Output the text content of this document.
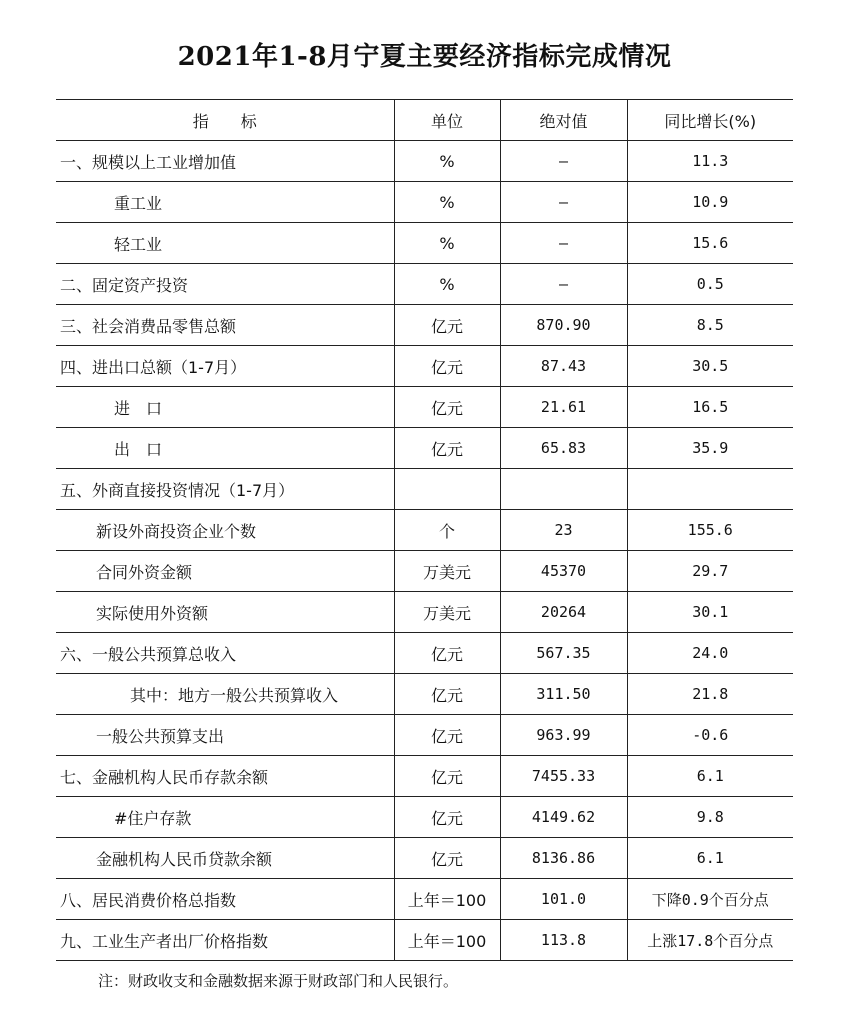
2021年1-8月宁夏主要经济指标完成情况
指　　标	单位	绝对值	同比增长(%)
一、规模以上工业增加值	%	—	11.3
重工业	%	—	10.9
轻工业	%	—	15.6
二、固定资产投资	%	—	0.5
三、社会消费品零售总额	亿元	870.90	8.5
四、进出口总额（1-7月）	亿元	87.43	30.5
进　口	亿元	21.61	16.5
出　口	亿元	65.83	35.9
五、外商直接投资情况（1-7月）			
新设外商投资企业个数	个	23	155.6
合同外资金额	万美元	45370	29.7
实际使用外资额	万美元	20264	30.1
六、一般公共预算总收入	亿元	567.35	24.0
其中：地方一般公共预算收入	亿元	311.50	21.8
一般公共预算支出	亿元	963.99	-0.6
七、金融机构人民币存款余额	亿元	7455.33	6.1
#住户存款	亿元	4149.62	9.8
金融机构人民币贷款余额	亿元	8136.86	6.1
八、居民消费价格总指数	上年＝100	101.0	下降0.9个百分点
九、工业生产者出厂价格指数	上年＝100	113.8	上涨17.8个百分点
注：财政收支和金融数据来源于财政部门和人民银行。
